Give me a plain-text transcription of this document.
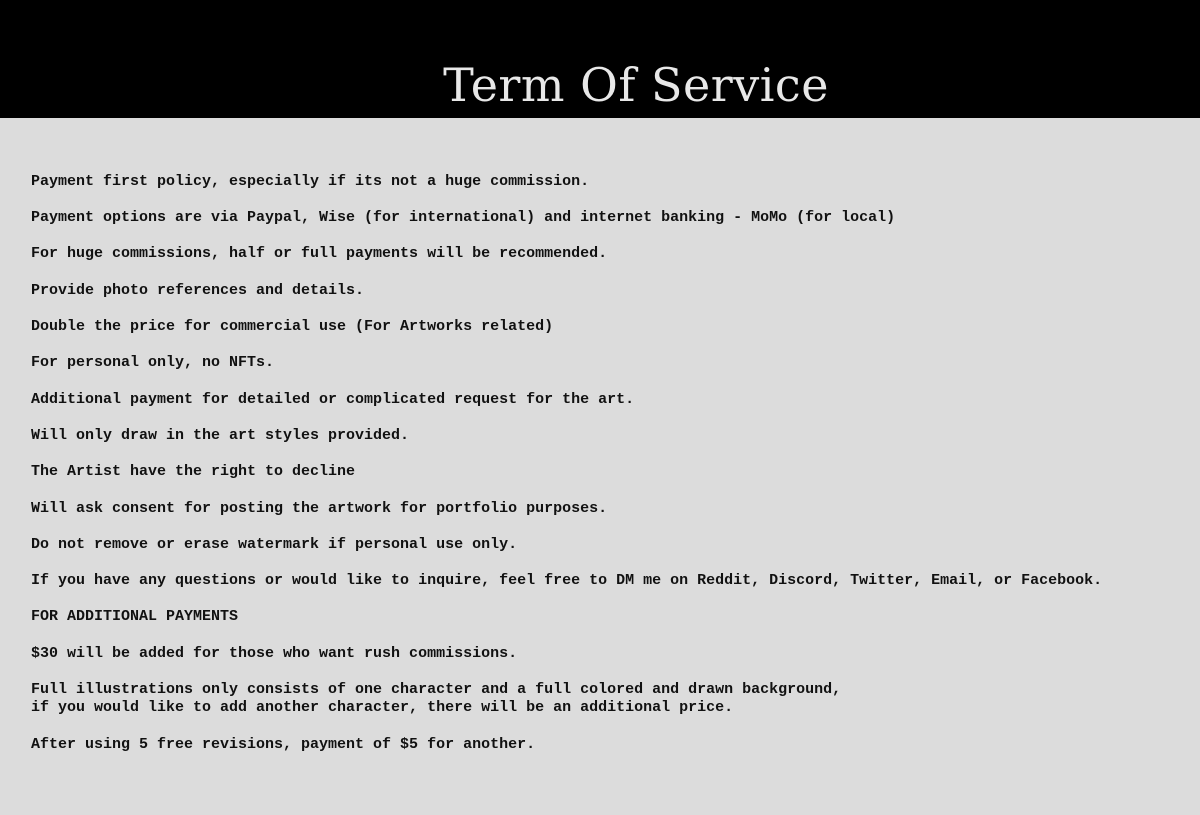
Term Of Service
Payment first policy, especially if its not a huge commission.
Payment options are via Paypal, Wise (for international) and internet banking - MoMo (for local)
For huge commissions, half or full payments will be recommended.
Provide photo references and details.
Double the price for commercial use (For Artworks related)
For personal only, no NFTs.
Additional payment for detailed or complicated request for the art.
Will only draw in the art styles provided.
The Artist have the right to decline
Will ask consent for posting the artwork for portfolio purposes.
Do not remove or erase watermark if personal use only.
If you have any questions or would like to inquire, feel free to DM me on Reddit, Discord, Twitter, Email, or Facebook.
FOR ADDITIONAL PAYMENTS
$30 will be added for those who want rush commissions.
Full illustrations only consists of one character and a full colored and drawn background,
if you would like to add another character, there will be an additional price.
After using 5 free revisions, payment of $5 for another.
